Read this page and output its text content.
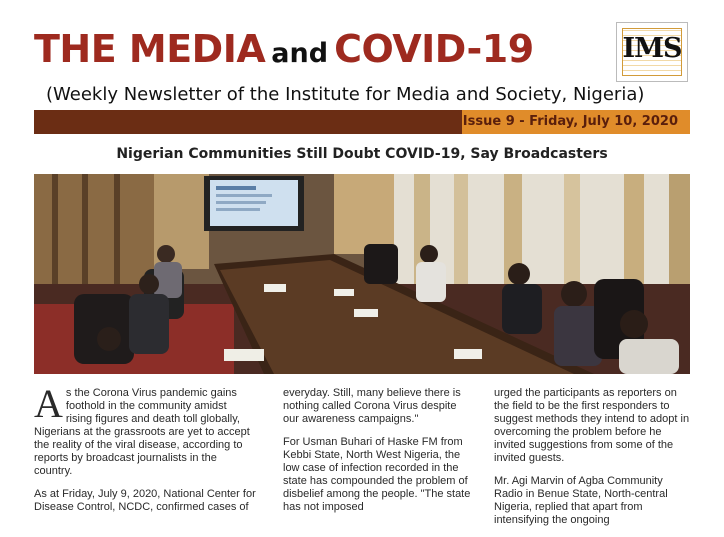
THE MEDIA and COVID-19	IMS
(Weekly Newsletter of the Institute for Media and Society, Nigeria)
Issue 9 - Friday, July 10, 2020
Nigerian Communities Still Doubt COVID-19, Say Broadcasters

As the Corona Virus pandemic gains foothold in the community amidst rising figures and death toll globally, Nigerians at the grassroots are yet to accept the reality of the viral disease, according to reports by broadcast journalists in the country.

As at Friday, July 9, 2020, National Center for Disease Control, NCDC, confirmed cases of

everyday. Still, many believe there is nothing called Corona Virus despite our awareness campaigns."

For Usman Buhari of Haske FM from Kebbi State, North West Nigeria, the low case of infection recorded in the state has compounded the problem of disbelief among the people. "The state has not imposed

urged the participants as reporters on the field to be the first responders to suggest methods they intend to adopt in overcoming the problem before he invited suggestions from some of the invited guests.

Mr. Agi Marvin of Agba Community Radio in Benue State, North-central Nigeria, replied that apart from intensifying the ongoing
